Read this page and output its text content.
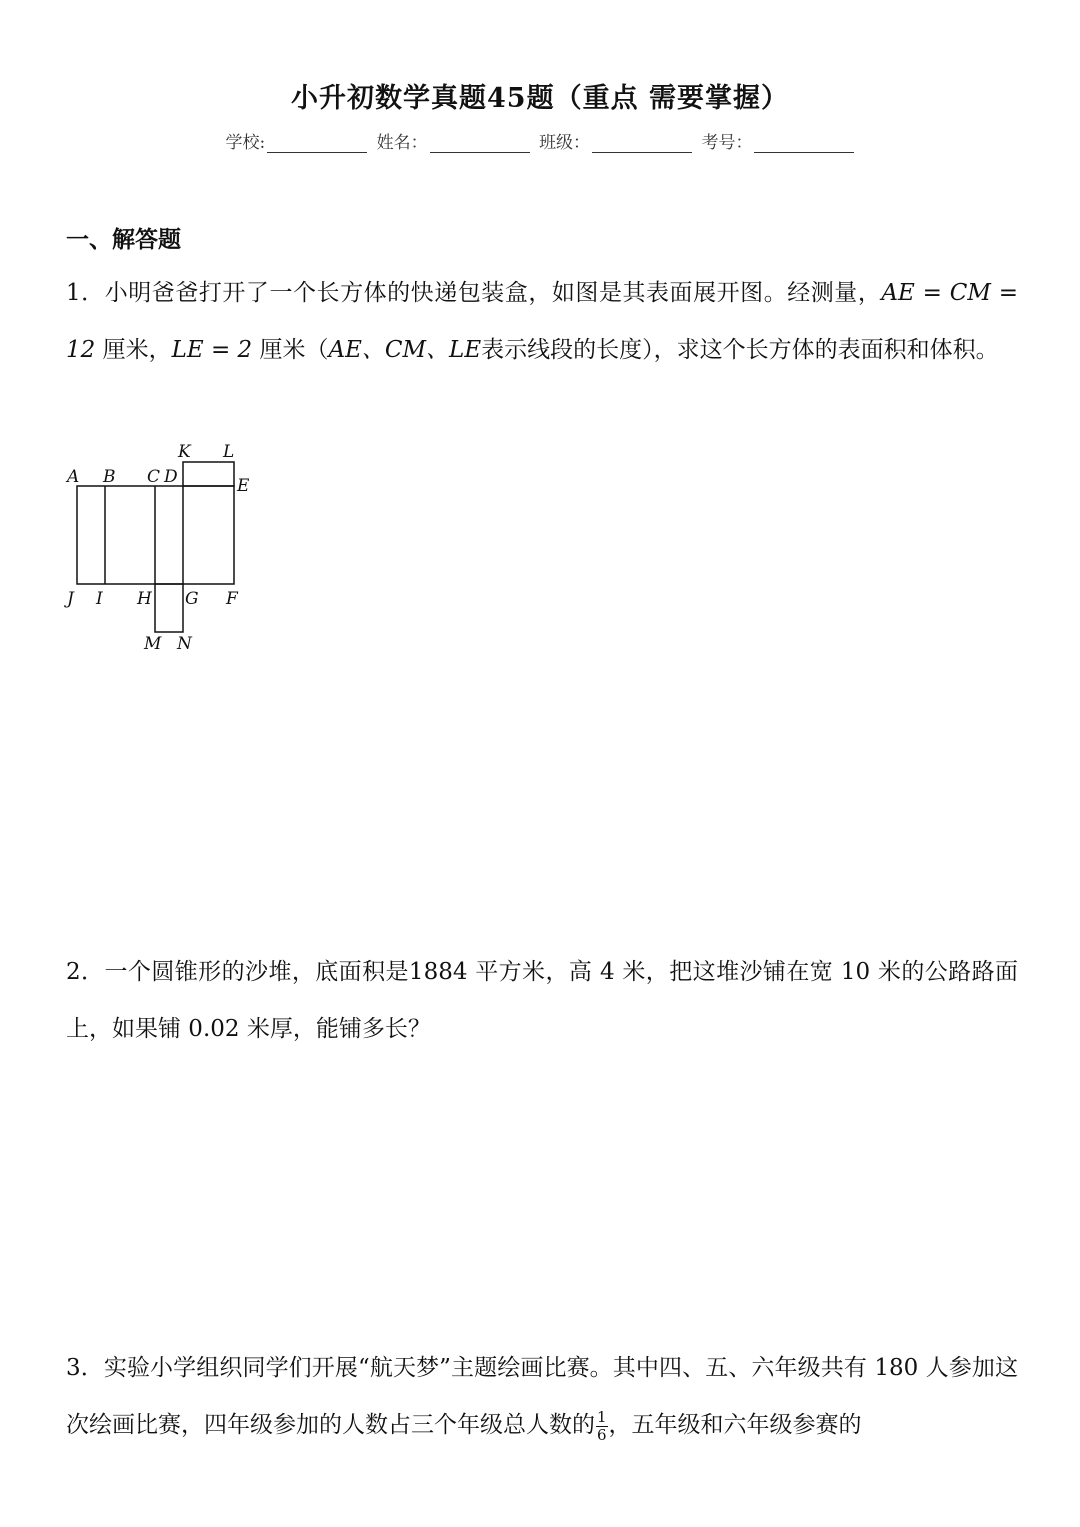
小升初数学真题45题（重点 需要掌握）
学校:	姓名：	班级：	考号：
一、解答题
1．小明爸爸打开了一个长方体的快递包装盒，如图是其表面展开图。经测量，AE = CM = 12 厘米，LE = 2 厘米（AE、CM、LE表示线段的长度），求这个长方体的表面积和体积。
A B C D
K L
E
J I H G F
M N
2．一个圆锥形的沙堆，底面积是1884 平方米，高 4 米，把这堆沙铺在宽 10 米的公路路面上，如果铺 0.02 米厚，能铺多长？
3．实验小学组织同学们开展“航天梦”主题绘画比赛。其中四、五、六年级共有 180 人参加这次绘画比赛，四年级参加的人数占三个年级总人数的 $\frac{1}{6}$ ，五年级和六年级参赛的
